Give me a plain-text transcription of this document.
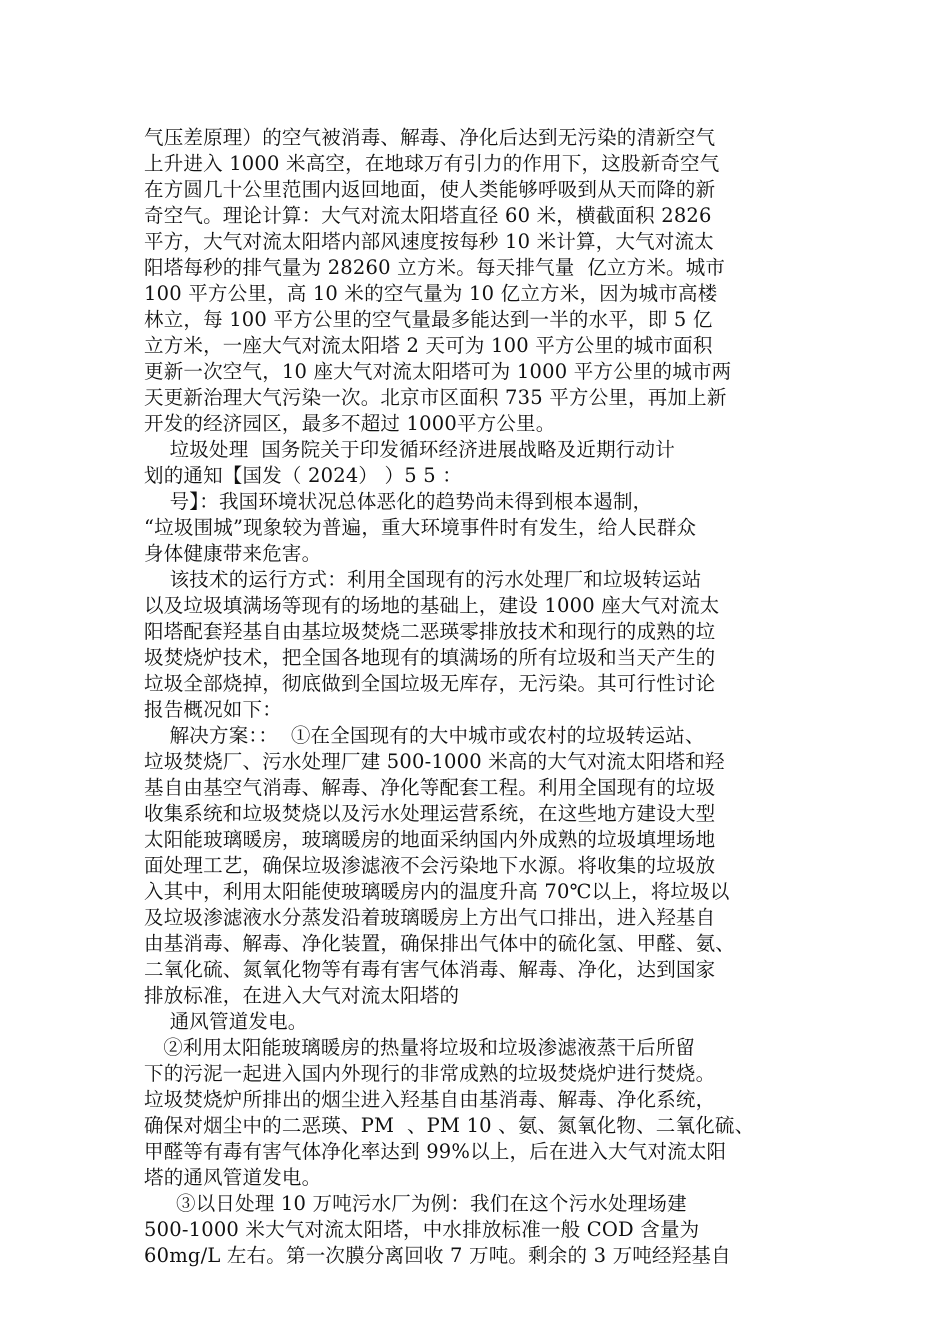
气压差原理）的空气被消毒、解毒、净化后达到无污染的清新空气
上升进入 1000 米高空，在地球万有引力的作用下，这股新奇空气
在方圆几十公里范围内返回地面，使人类能够呼吸到从天而降的新
奇空气。理论计算：大气对流太阳塔直径 60 米，横截面积 2826
平方，大气对流太阳塔内部风速度按每秒 10 米计算，大气对流太
阳塔每秒的排气量为 28260 立方米。每天排气量  亿立方米。城市
100 平方公里，高 10 米的空气量为 10 亿立方米，因为城市高楼
林立，每 100 平方公里的空气量最多能达到一半的水平，即 5 亿
立方米，一座大气对流太阳塔 2 天可为 100 平方公里的城市面积
更新一次空气，10 座大气对流太阳塔可为 1000 平方公里的城市两
天更新治理大气污染一次。北京市区面积 735 平方公里，再加上新
开发的经济园区，最多不超过 1000平方公里。
垃圾处理  国务院关于印发循环经济进展战略及近期行动计
划的通知【国发（ 2024） ）5 5 ：
号】：我国环境状况总体恶化的趋势尚未得到根本遏制，
“垃圾围城”现象较为普遍，重大环境事件时有发生，给人民群众
身体健康带来危害。
该技术的运行方式：利用全国现有的污水处理厂和垃圾转运站
以及垃圾填满场等现有的场地的基础上，建设 1000 座大气对流太
阳塔配套羟基自由基垃圾焚烧二恶瑛零排放技术和现行的成熟的垃
圾焚烧炉技术，把全国各地现有的填满场的所有垃圾和当天产生的
垃圾全部烧掉，彻底做到全国垃圾无库存，无污染。其可行性讨论
报告概况如下：
解决方案：：  ①在全国现有的大中城市或农村的垃圾转运站、
垃圾焚烧厂、污水处理厂建 500-1000 米高的大气对流太阳塔和羟
基自由基空气消毒、解毒、净化等配套工程。利用全国现有的垃圾
收集系统和垃圾焚烧以及污水处理运营系统，在这些地方建设大型
太阳能玻璃暖房，玻璃暖房的地面采纳国内外成熟的垃圾填埋场地
面处理工艺，确保垃圾渗滤液不会污染地下水源。将收集的垃圾放
入其中，利用太阳能使玻璃暖房内的温度升高 70℃以上，将垃圾以
及垃圾渗滤液水分蒸发沿着玻璃暖房上方出气口排出，进入羟基自
由基消毒、解毒、净化装置，确保排出气体中的硫化氢、甲醛、氨、
二氧化硫、氮氧化物等有毒有害气体消毒、解毒、净化，达到国家
排放标准，在进入大气对流太阳塔的
通风管道发电。
②利用太阳能玻璃暖房的热量将垃圾和垃圾渗滤液蒸干后所留
下的污泥一起进入国内外现行的非常成熟的垃圾焚烧炉进行焚烧。
垃圾焚烧炉所排出的烟尘进入羟基自由基消毒、解毒、净化系统，
确保对烟尘中的二恶瑛、PM  、PM 10 、氨、氮氧化物、二氧化硫、
甲醛等有毒有害气体净化率达到 99%以上，后在进入大气对流太阳
塔的通风管道发电。
③以日处理 10 万吨污水厂为例：我们在这个污水处理场建
500-1000 米大气对流太阳塔，中水排放标准一般 COD 含量为
60mg/L 左右。第一次膜分离回收 7 万吨。剩余的 3 万吨经羟基自
